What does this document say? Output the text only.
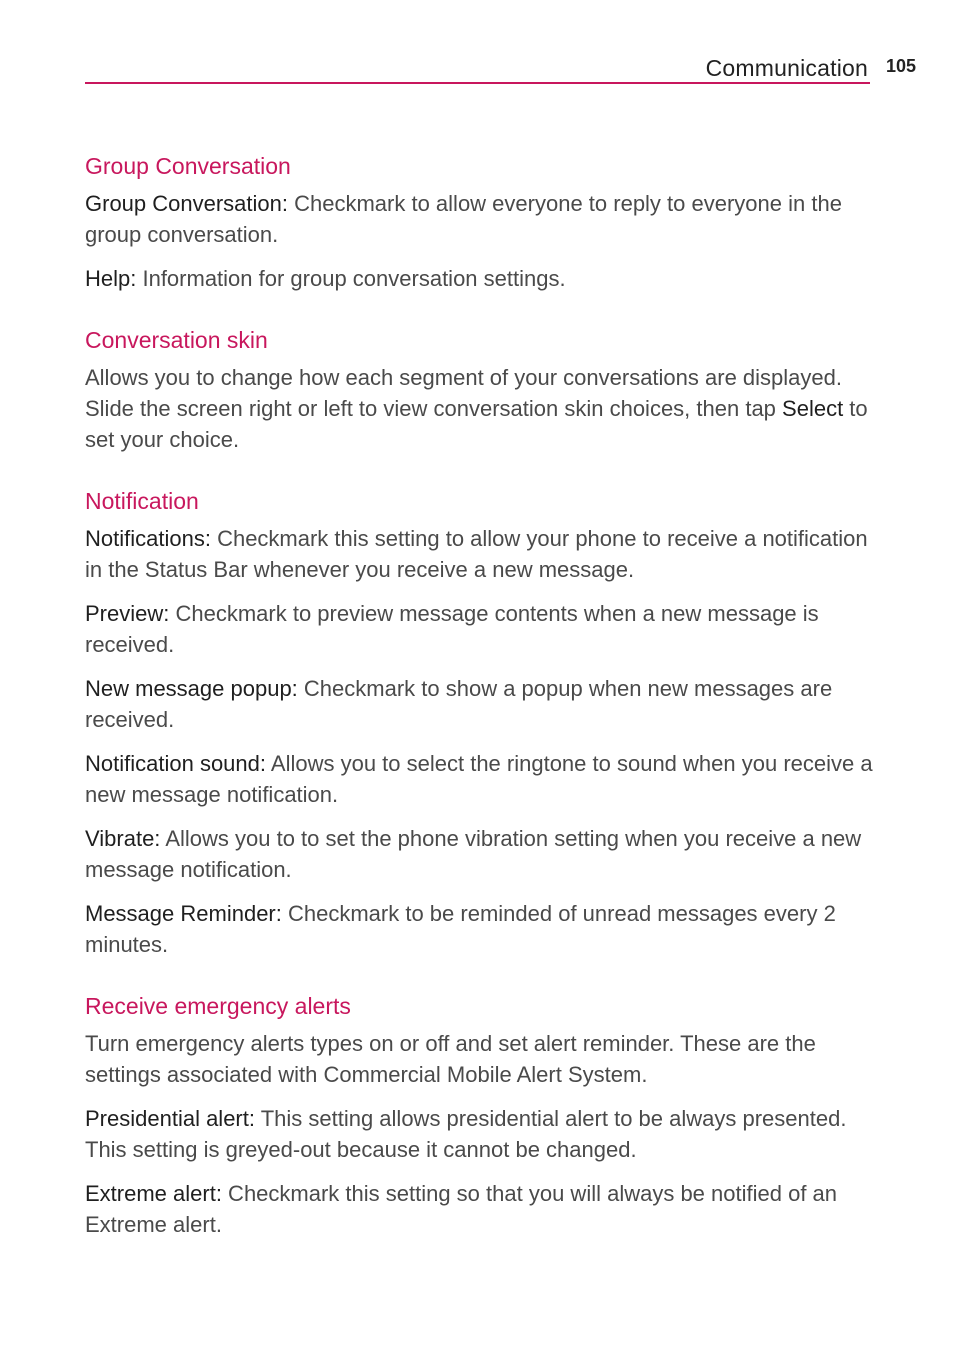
Communication 105
Group Conversation

Group Conversation: Checkmark to allow everyone to reply to everyone in the group conversation.

Help: Information for group conversation settings.

Conversation skin

Allows you to change how each segment of your conversations are displayed. Slide the screen right or left to view conversation skin choices, then tap Select to set your choice.

Notification

Notifications: Checkmark this setting to allow your phone to receive a notification in the Status Bar whenever you receive a new message.

Preview: Checkmark to preview message contents when a new message is received.

New message popup: Checkmark to show a popup when new messages are received.

Notification sound: Allows you to select the ringtone to sound when you receive a new message notification.

Vibrate: Allows you to to set the phone vibration setting when you receive a new message notification.

Message Reminder: Checkmark to be reminded of unread messages every 2 minutes.

Receive emergency alerts

Turn emergency alerts types on or off and set alert reminder. These are the settings associated with Commercial Mobile Alert System.

Presidential alert: This setting allows presidential alert to be always presented. This setting is greyed-out because it cannot be changed.

Extreme alert: Checkmark this setting so that you will always be notified of an Extreme alert.
